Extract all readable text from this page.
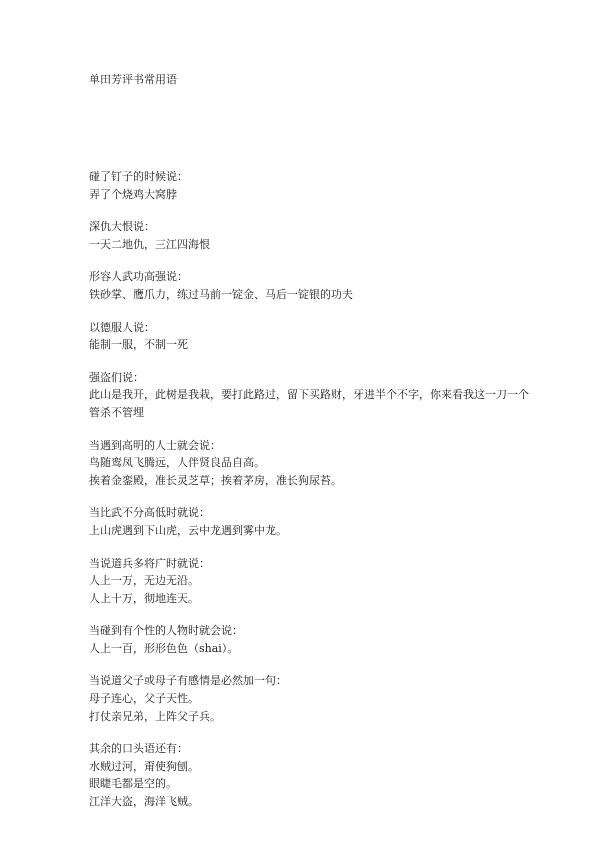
单田芳评书常用语
碰了钉子的时候说：
弄了个烧鸡大窝脖
深仇大恨说：
一天二地仇，三江四海恨
形容人武功高强说：
铁砂掌、鹰爪力，练过马前一锭金、马后一锭银的功夫
以德服人说：
能制一服，不制一死
强盗们说：
此山是我开，此树是我栽，要打此路过，留下买路财，牙进半个不字，你来看我这一刀一个
管杀不管埋
当遇到高明的人士就会说：
鸟随鸾凤飞腾远，人伴贤良品自高。
挨着金銮殿，准长灵芝草；挨着茅房，准长狗尿苔。
当比武不分高低时就说：
上山虎遇到下山虎，云中龙遇到雾中龙。
当说道兵多将广时就说：
人上一万，无边无沿。
人上十万，彻地连天。
当碰到有个性的人物时就会说：
人上一百，形形色色（shai）。
当说道父子或母子有感情是必然加一句：
母子连心，父子天性。
打仗亲兄弟，上阵父子兵。
其余的口头语还有：
水贼过河，甭使狗刨。
眼睫毛都是空的。
江洋大盗，海洋飞贼。
